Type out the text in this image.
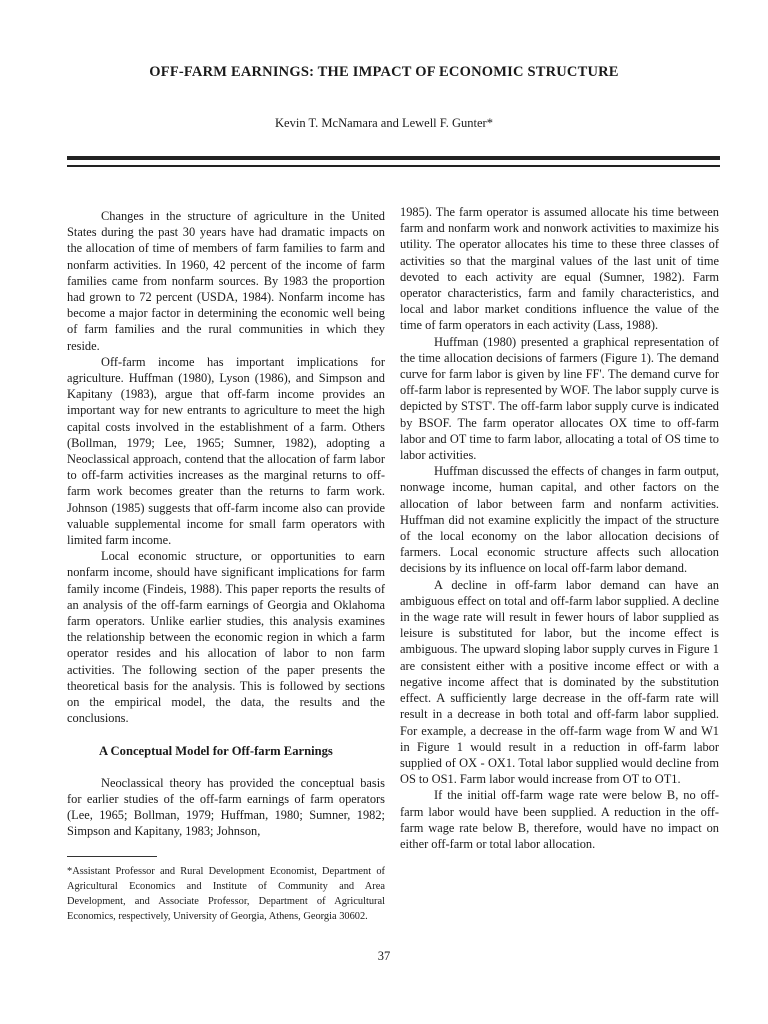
OFF-FARM EARNINGS: THE IMPACT OF ECONOMIC STRUCTURE
Kevin T. McNamara and Lewell F. Gunter*

Changes in the structure of agriculture in the United States during the past 30 years have had dramatic impacts on the allocation of time of members of farm families to farm and nonfarm activities. In 1960, 42 percent of the income of farm families came from nonfarm sources. By 1983 the proportion had grown to 72 percent (USDA, 1984). Nonfarm income has become a major factor in determining the economic well being of farm families and the rural communities in which they reside.

Off-farm income has important implications for agriculture. Huffman (1980), Lyson (1986), and Simpson and Kapitany (1983), argue that off-farm income provides an important way for new entrants to agriculture to meet the high capital costs involved in the establishment of a farm. Others (Bollman, 1979; Lee, 1965; Sumner, 1982), adopting a Neoclassical approach, contend that the allocation of farm labor to off-farm activities increases as the marginal returns to off-farm work becomes greater than the returns to farm work. Johnson (1985) suggests that off-farm income also can provide valuable supplemental income for small farm operators with limited farm income.

Local economic structure, or opportunities to earn nonfarm income, should have significant implications for farm family income (Findeis, 1988). This paper reports the results of an analysis of the off-farm earnings of Georgia and Oklahoma farm operators. Unlike earlier studies, this analysis examines the relationship between the economic region in which a farm operator resides and his allocation of labor to non farm activities. The following section of the paper presents the theoretical basis for the analysis. This is followed by sections on the empirical model, the data, the results and the conclusions.

A Conceptual Model for Off-farm Earnings

Neoclassical theory has provided the conceptual basis for earlier studies of the off-farm earnings of farm operators (Lee, 1965; Bollman, 1979; Huffman, 1980; Sumner, 1982; Simpson and Kapitany, 1983; Johnson,

1985). The farm operator is assumed allocate his time between farm and nonfarm work and nonwork activities to maximize his utility. The operator allocates his time to these three classes of activities so that the marginal values of the last unit of time devoted to each activity are equal (Sumner, 1982). Farm operator characteristics, farm and family characteristics, and local and labor market conditions influence the value of the time of farm operators in each activity (Lass, 1988).

Huffman (1980) presented a graphical representation of the time allocation decisions of farmers (Figure 1). The demand curve for farm labor is given by line FF'. The demand curve for off-farm labor is represented by WOF. The labor supply curve is depicted by STST'. The off-farm labor supply curve is indicated by BSOF. The farm operator allocates OX time to off-farm labor and OT time to farm labor, allocating a total of OS time to labor activities.

Huffman discussed the effects of changes in farm output, nonwage income, human capital, and other factors on the allocation of labor between farm and nonfarm activities. Huffman did not examine explicitly the impact of the structure of the local economy on the labor allocation decisions of farmers. Local economic structure affects such allocation decisions by its influence on local off-farm labor demand.

A decline in off-farm labor demand can have an ambiguous effect on total and off-farm labor supplied. A decline in the wage rate will result in fewer hours of labor supplied as leisure is substituted for labor, but the income effect is ambiguous. The upward sloping labor supply curves in Figure 1 are consistent either with a positive income effect or with a negative income affect that is dominated by the substitution effect. A sufficiently large decrease in the off-farm rate will result in a decrease in both total and off-farm labor supplied. For example, a decrease in the off-farm wage from W and W1 in Figure 1 would result in a reduction in off-farm labor supplied of OX - OX1. Total labor supplied would decline from OS to OS1. Farm labor would increase from OT to OT1.

If the initial off-farm wage rate were below B, no off-farm labor would have been supplied. A reduction in the off-farm wage rate below B, therefore, would have no impact on either off-farm or total labor allocation.

*Assistant Professor and Rural Development Economist, Department of Agricultural Economics and Institute of Community and Area Development, and Associate Professor, Department of Agricultural Economics, respectively, University of Georgia, Athens, Georgia 30602.
37
